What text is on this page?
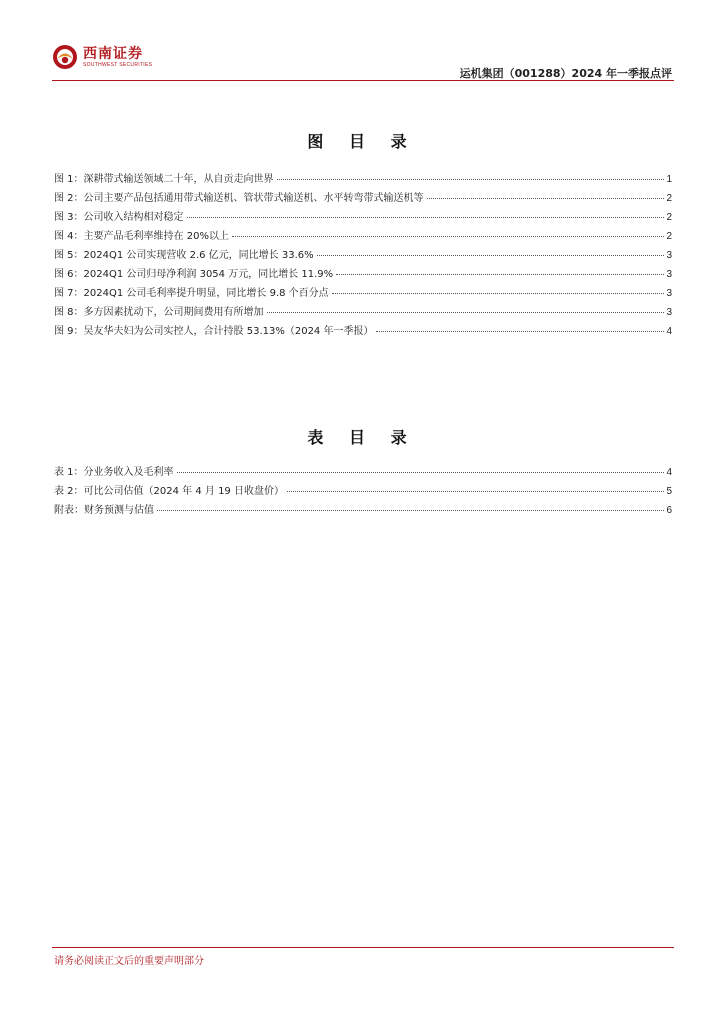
西南证券
SOUTHWEST SECURITIES
运机集团（001288）2024 年一季报点评
图 目 录
图 1：深耕带式输送领域二十年，从自贡走向世界	1
图 2：公司主要产品包括通用带式输送机、管状带式输送机、水平转弯带式输送机等	2
图 3：公司收入结构相对稳定	2
图 4：主要产品毛利率维持在 20%以上	2
图 5：2024Q1 公司实现营收 2.6 亿元，同比增长 33.6%	3
图 6：2024Q1 公司归母净利润 3054 万元，同比增长 11.9%	3
图 7：2024Q1 公司毛利率提升明显，同比增长 9.8 个百分点	3
图 8：多方因素扰动下，公司期间费用有所增加	3
图 9：吴友华夫妇为公司实控人，合计持股 53.13%（2024 年一季报）	4
表 目 录
表 1：分业务收入及毛利率	4
表 2：可比公司估值（2024 年 4 月 19 日收盘价）	5
附表：财务预测与估值	6
请务必阅读正文后的重要声明部分
